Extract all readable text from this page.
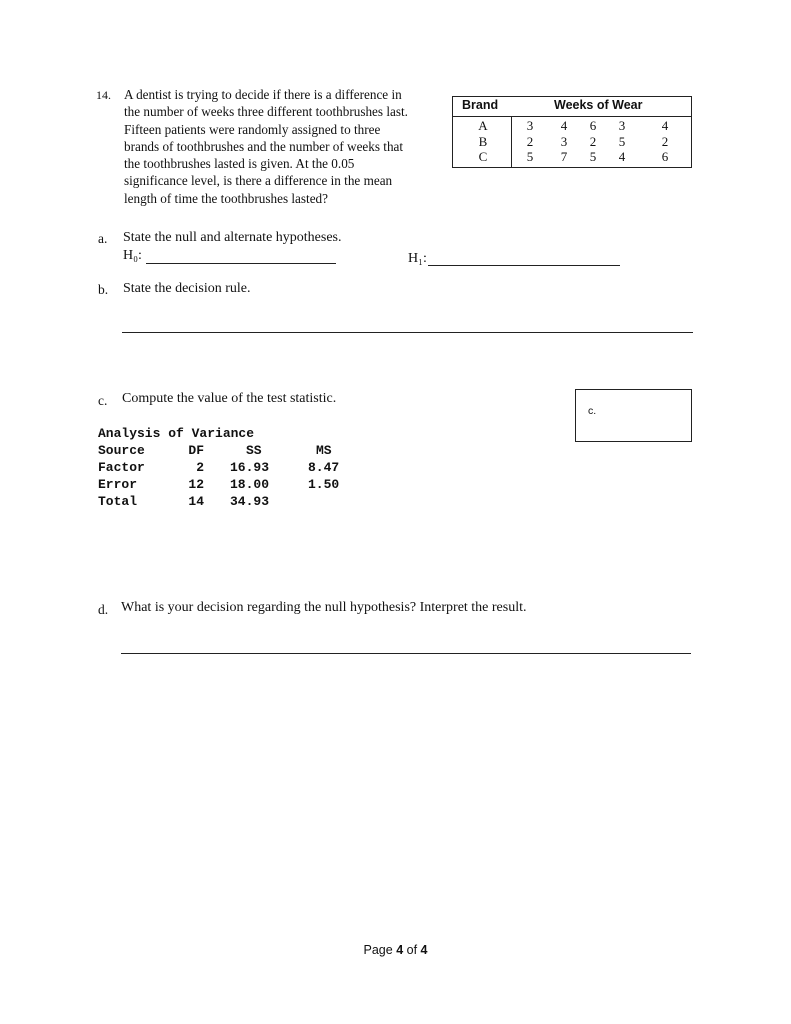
14. A dentist is trying to decide if there is a difference in
the number of weeks three different toothbrushes last.
Fifteen patients were randomly assigned to three
brands of toothbrushes and the number of weeks that
the toothbrushes lasted is given. At the 0.05
significance level, is there a difference in the mean
length of time the toothbrushes lasted?
Brand	Weeks of Wear
A	3	4	6	3	4
B	2	3	2	5	2
C	5	7	5	4	6
a. State the null and alternate hypotheses.
H₀:	H₁:
b. State the decision rule.
c. Compute the value of the test statistic.
c.
Analysis of Variance
Source	DF	SS	MS
Factor	2 16.93	8.47
Error	12 18.00	1.50
Total	14 34.93
d. What is your decision regarding the null hypothesis? Interpret the result.
Page 4 of 4
